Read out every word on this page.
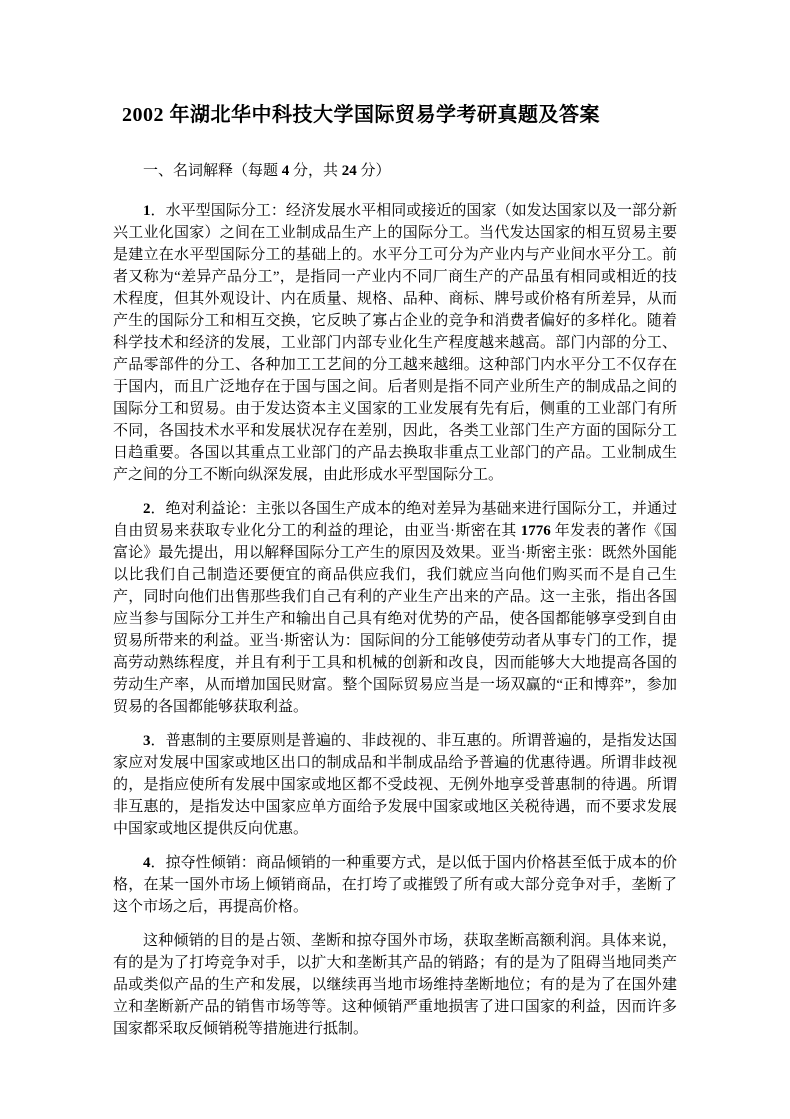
2002 年湖北华中科技大学国际贸易学考研真题及答案
一、名词解释（每题 4 分，共 24 分）

1．水平型国际分工：经济发展水平相同或接近的国家（如发达国家以及一部分新兴工业化国家）之间在工业制成品生产上的国际分工。当代发达国家的相互贸易主要是建立在水平型国际分工的基础上的。水平分工可分为产业内与产业间水平分工。前者又称为“差异产品分工”，是指同一产业内不同厂商生产的产品虽有相同或相近的技术程度，但其外观设计、内在质量、规格、品种、商标、牌号或价格有所差异，从而产生的国际分工和相互交换，它反映了寡占企业的竞争和消费者偏好的多样化。随着科学技术和经济的发展，工业部门内部专业化生产程度越来越高。部门内部的分工、产品零部件的分工、各种加工工艺间的分工越来越细。这种部门内水平分工不仅存在于国内，而且广泛地存在于国与国之间。后者则是指不同产业所生产的制成品之间的国际分工和贸易。由于发达资本主义国家的工业发展有先有后，侧重的工业部门有所不同，各国技术水平和发展状况存在差别，因此，各类工业部门生产方面的国际分工日趋重要。各国以其重点工业部门的产品去换取非重点工业部门的产品。工业制成生产之间的分工不断向纵深发展，由此形成水平型国际分工。

2．绝对利益论：主张以各国生产成本的绝对差异为基础来进行国际分工，并通过自由贸易来获取专业化分工的利益的理论，由亚当·斯密在其 1776 年发表的著作《国富论》最先提出，用以解释国际分工产生的原因及效果。亚当·斯密主张：既然外国能以比我们自己制造还要便宜的商品供应我们，我们就应当向他们购买而不是自己生产，同时向他们出售那些我们自己有利的产业生产出来的产品。这一主张，指出各国应当参与国际分工并生产和输出自己具有绝对优势的产品，使各国都能够享受到自由贸易所带来的利益。亚当·斯密认为：国际间的分工能够使劳动者从事专门的工作，提高劳动熟练程度，并且有利于工具和机械的创新和改良，因而能够大大地提高各国的劳动生产率，从而增加国民财富。整个国际贸易应当是一场双赢的“正和博弈”，参加贸易的各国都能够获取利益。

3．普惠制的主要原则是普遍的、非歧视的、非互惠的。所谓普遍的，是指发达国家应对发展中国家或地区出口的制成品和半制成品给予普遍的优惠待遇。所谓非歧视的，是指应使所有发展中国家或地区都不受歧视、无例外地享受普惠制的待遇。所谓非互惠的，是指发达中国家应单方面给予发展中国家或地区关税待遇，而不要求发展中国家或地区提供反向优惠。

4．掠夺性倾销：商品倾销的一种重要方式，是以低于国内价格甚至低于成本的价格，在某一国外市场上倾销商品，在打垮了或摧毁了所有或大部分竞争对手，垄断了这个市场之后，再提高价格。

这种倾销的目的是占领、垄断和掠夺国外市场，获取垄断高额利润。具体来说，有的是为了打垮竞争对手，以扩大和垄断其产品的销路；有的是为了阻碍当地同类产品或类似产品的生产和发展，以继续再当地市场维持垄断地位；有的是为了在国外建立和垄断新产品的销售市场等等。这种倾销严重地损害了进口国家的利益，因而许多国家都采取反倾销税等措施进行抵制。
